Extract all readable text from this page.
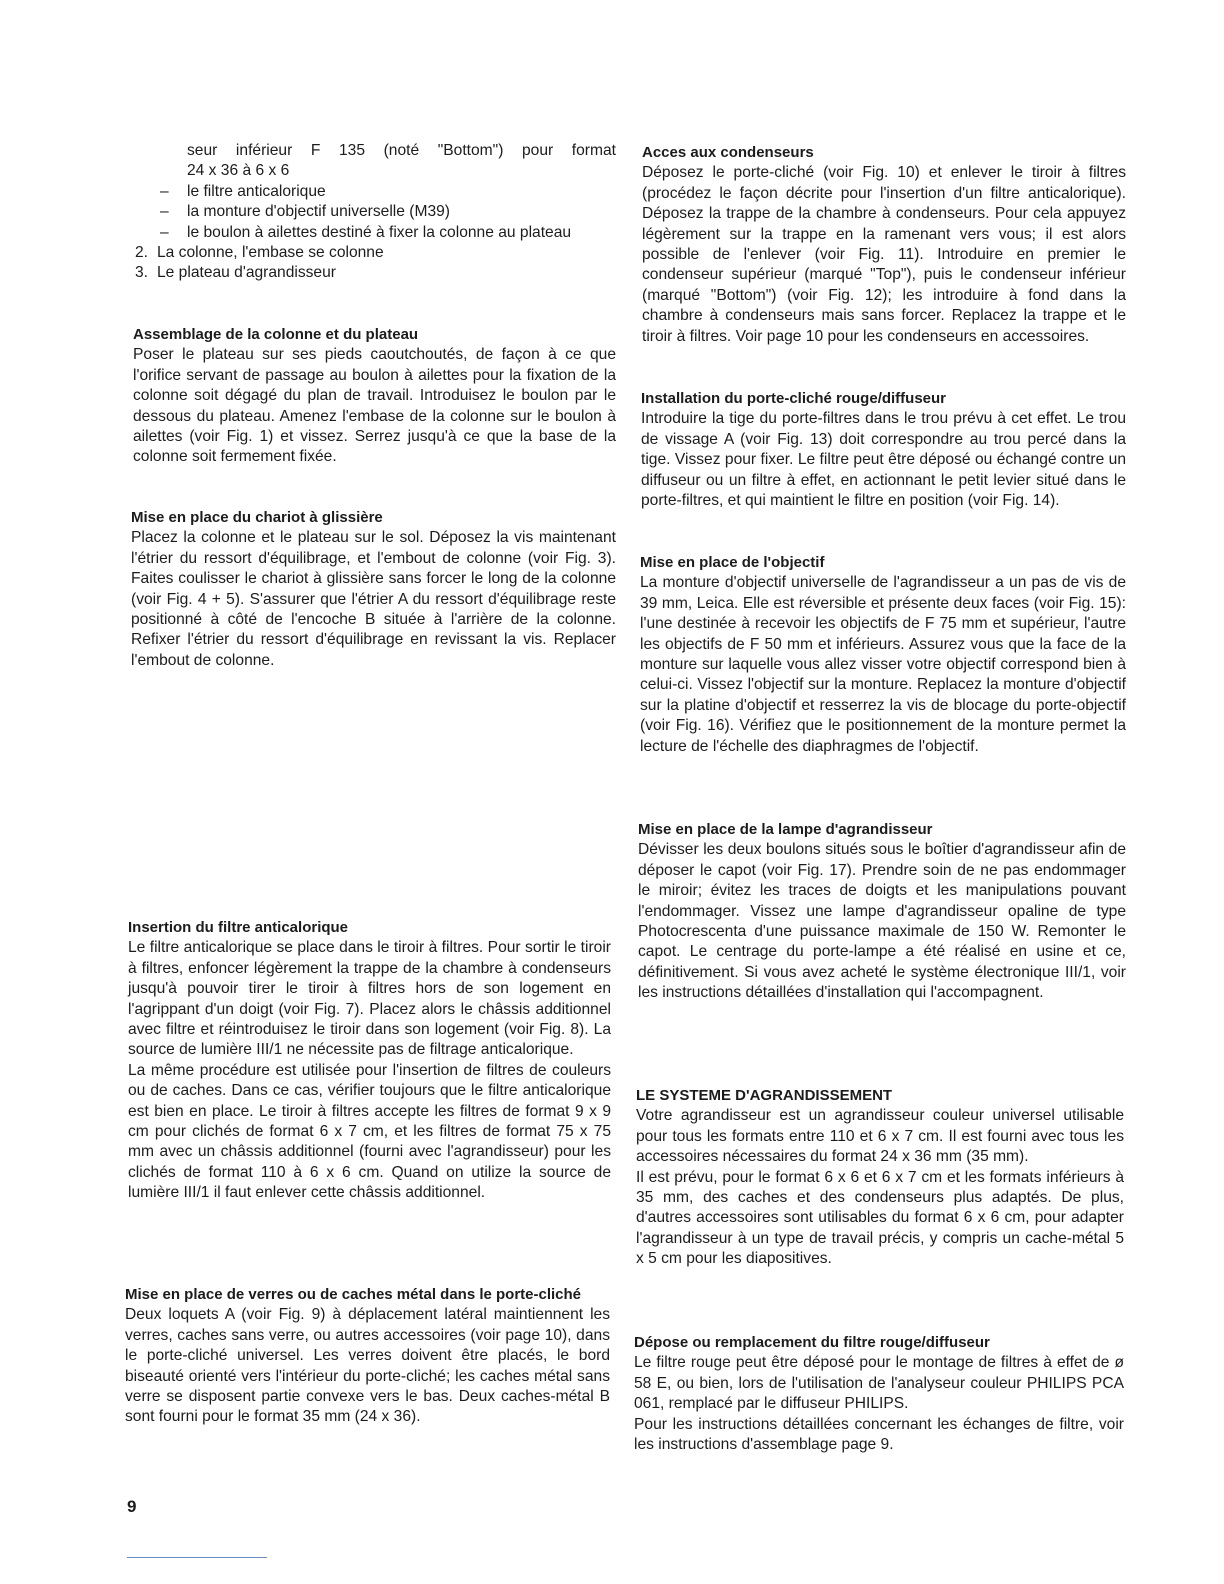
seur inférieur F 135 (noté "Bottom") pour format
24 x 36 à 6 x 6
– le filtre anticalorique
– la monture d'objectif universelle (M39)
– le boulon à ailettes destiné à fixer la colonne au plateau
2. La colonne, l'embase se colonne
3. Le plateau d'agrandisseur
Assemblage de la colonne et du plateau

Poser le plateau sur ses pieds caoutchoutés, de façon à ce que l'orifice servant de passage au boulon à ailettes pour la fixation de la colonne soit dégagé du plan de travail. Introduisez le boulon par le dessous du plateau. Amenez l'embase de la colonne sur le boulon à ailettes (voir Fig. 1) et vissez. Serrez jusqu'à ce que la base de la colonne soit fermement fixée.

Mise en place du chariot à glissière

Placez la colonne et le plateau sur le sol. Déposez la vis maintenant l'étrier du ressort d'équilibrage, et l'embout de colonne (voir Fig. 3). Faites coulisser le chariot à glissière sans forcer le long de la colonne (voir Fig. 4 + 5). S'assurer que l'étrier A du ressort d'équilibrage reste positionné à côté de l'encoche B située à l'arrière de la colonne. Refixer l'étrier du ressort d'équilibrage en revissant la vis. Replacer l'embout de colonne.

Insertion du filtre anticalorique

Le filtre anticalorique se place dans le tiroir à filtres. Pour sortir le tiroir à filtres, enfoncer légèrement la trappe de la chambre à condenseurs jusqu'à pouvoir tirer le tiroir à filtres hors de son logement en l'agrippant d'un doigt (voir Fig. 7). Placez alors le châssis additionnel avec filtre et réintroduisez le tiroir dans son logement (voir Fig. 8). La source de lumière III/1 ne nécessite pas de filtrage anticalorique.

La même procédure est utilisée pour l'insertion de filtres de couleurs ou de caches. Dans ce cas, vérifier toujours que le filtre anticalorique est bien en place. Le tiroir à filtres accepte les filtres de format 9 x 9 cm pour clichés de format 6 x 7 cm, et les filtres de format 75 x 75 mm avec un châssis additionnel (fourni avec l'agrandisseur) pour les clichés de format 110 à 6 x 6 cm. Quand on utilize la source de lumière III/1 il faut enlever cette châssis additionnel.

Mise en place de verres ou de caches métal dans le porte-cliché

Deux loquets A (voir Fig. 9) à déplacement latéral maintiennent les verres, caches sans verre, ou autres accessoires (voir page 10), dans le porte-cliché universel. Les verres doivent être placés, le bord biseauté orienté vers l'intérieur du porte-cliché; les caches métal sans verre se disposent partie convexe vers le bas. Deux caches-métal B sont fourni pour le format 35 mm (24 x 36).

Acces aux condenseurs

Déposez le porte-cliché (voir Fig. 10) et enlever le tiroir à filtres (procédez le façon décrite pour l'insertion d'un filtre anticalorique). Déposez la trappe de la chambre à condenseurs. Pour cela appuyez légèrement sur la trappe en la ramenant vers vous; il est alors possible de l'enlever (voir Fig. 11). Introduire en premier le condenseur supérieur (marqué "Top"), puis le condenseur inférieur (marqué "Bottom") (voir Fig. 12); les introduire à fond dans la chambre à condenseurs mais sans forcer. Replacez la trappe et le tiroir à filtres. Voir page 10 pour les condenseurs en accessoires.

Installation du porte-cliché rouge/diffuseur

Introduire la tige du porte-filtres dans le trou prévu à cet effet. Le trou de vissage A (voir Fig. 13) doit correspondre au trou percé dans la tige. Vissez pour fixer. Le filtre peut être déposé ou échangé contre un diffuseur ou un filtre à effet, en actionnant le petit levier situé dans le porte-filtres, et qui maintient le filtre en position (voir Fig. 14).

Mise en place de l'objectif

La monture d'objectif universelle de l'agrandisseur a un pas de vis de 39 mm, Leica. Elle est réversible et présente deux faces (voir Fig. 15): l'une destinée à recevoir les objectifs de F 75 mm et supérieur, l'autre les objectifs de F 50 mm et inférieurs. Assurez vous que la face de la monture sur laquelle vous allez visser votre objectif correspond bien à celui-ci. Vissez l'objectif sur la monture. Replacez la monture d'objectif sur la platine d'objectif et resserrez la vis de blocage du porte-objectif (voir Fig. 16). Vérifiez que le positionnement de la monture permet la lecture de l'échelle des diaphragmes de l'objectif.

Mise en place de la lampe d'agrandisseur

Dévisser les deux boulons situés sous le boîtier d'agrandisseur afin de déposer le capot (voir Fig. 17). Prendre soin de ne pas endommager le miroir; évitez les traces de doigts et les manipulations pouvant l'endommager. Vissez une lampe d'agrandisseur opaline de type Photocrescenta d'une puissance maximale de 150 W. Remonter le capot. Le centrage du porte-lampe a été réalisé en usine et ce, définitivement. Si vous avez acheté le système électronique III/1, voir les instructions détaillées d'installation qui l'accompagnent.

LE SYSTEME D'AGRANDISSEMENT

Votre agrandisseur est un agrandisseur couleur universel utilisable pour tous les formats entre 110 et 6 x 7 cm. Il est fourni avec tous les accessoires nécessaires du format 24 x 36 mm (35 mm).

Il est prévu, pour le format 6 x 6 et 6 x 7 cm et les formats inférieurs à 35 mm, des caches et des condenseurs plus adaptés. De plus, d'autres accessoires sont utilisables du format 6 x 6 cm, pour adapter l'agrandisseur à un type de travail précis, y compris un cache-métal 5 x 5 cm pour les diapositives.

Dépose ou remplacement du filtre rouge/diffuseur

Le filtre rouge peut être déposé pour le montage de filtres à effet de ø 58 E, ou bien, lors de l'utilisation de l'analyseur couleur PHILIPS PCA 061, remplacé par le diffuseur PHILIPS.

Pour les instructions détaillées concernant les échanges de filtre, voir les instructions d'assemblage page 9.

9
